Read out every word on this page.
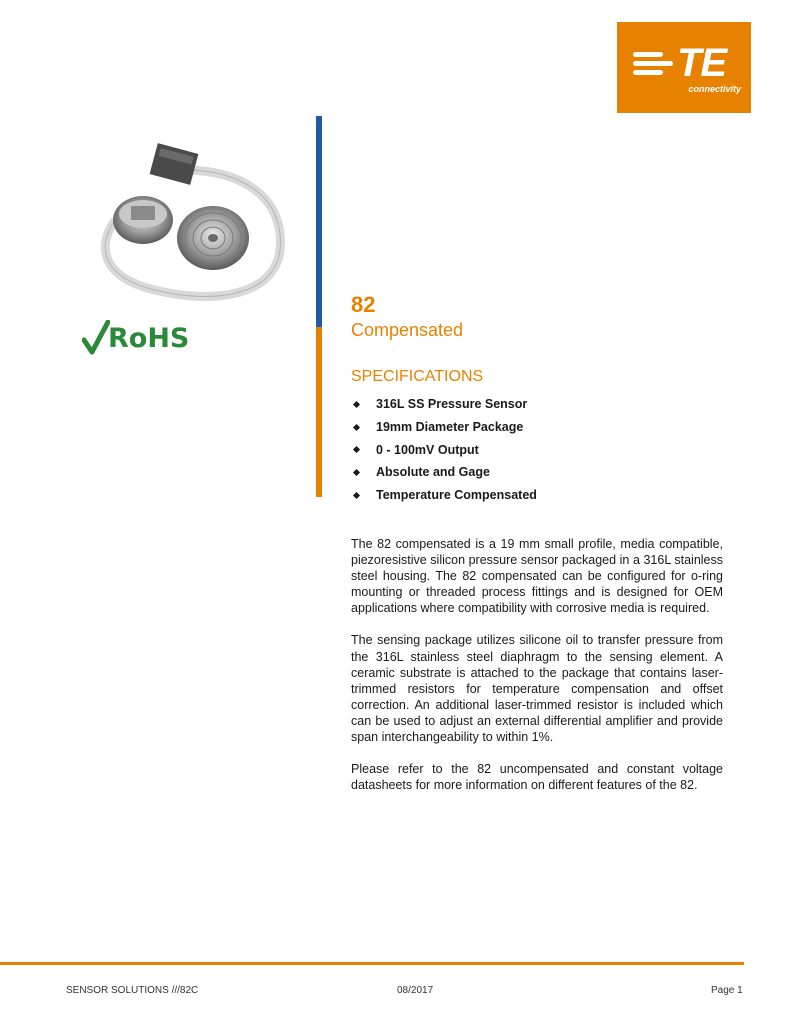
TE
connectivity
RoHS
82
Compensated
SPECIFICATIONS
316L SS Pressure Sensor
19mm Diameter Package
0 - 100mV Output
Absolute and Gage
Temperature Compensated

The 82 compensated is a 19 mm small profile, media compatible, piezoresistive silicon pressure sensor packaged in a 316L stainless steel housing. The 82 compensated can be configured for o-ring mounting or threaded process fittings and is designed for OEM applications where compatibility with corrosive media is required.

The sensing package utilizes silicone oil to transfer pressure from the 316L stainless steel diaphragm to the sensing element. A ceramic substrate is attached to the package that contains laser-trimmed resistors for temperature compensation and offset correction. An additional laser-trimmed resistor is included which can be used to adjust an external differential amplifier and provide span interchangeability to within 1%.

Please refer to the 82 uncompensated and constant voltage datasheets for more information on different features of the 82.

SENSOR SOLUTIONS ///82C	08/2017	Page 1
